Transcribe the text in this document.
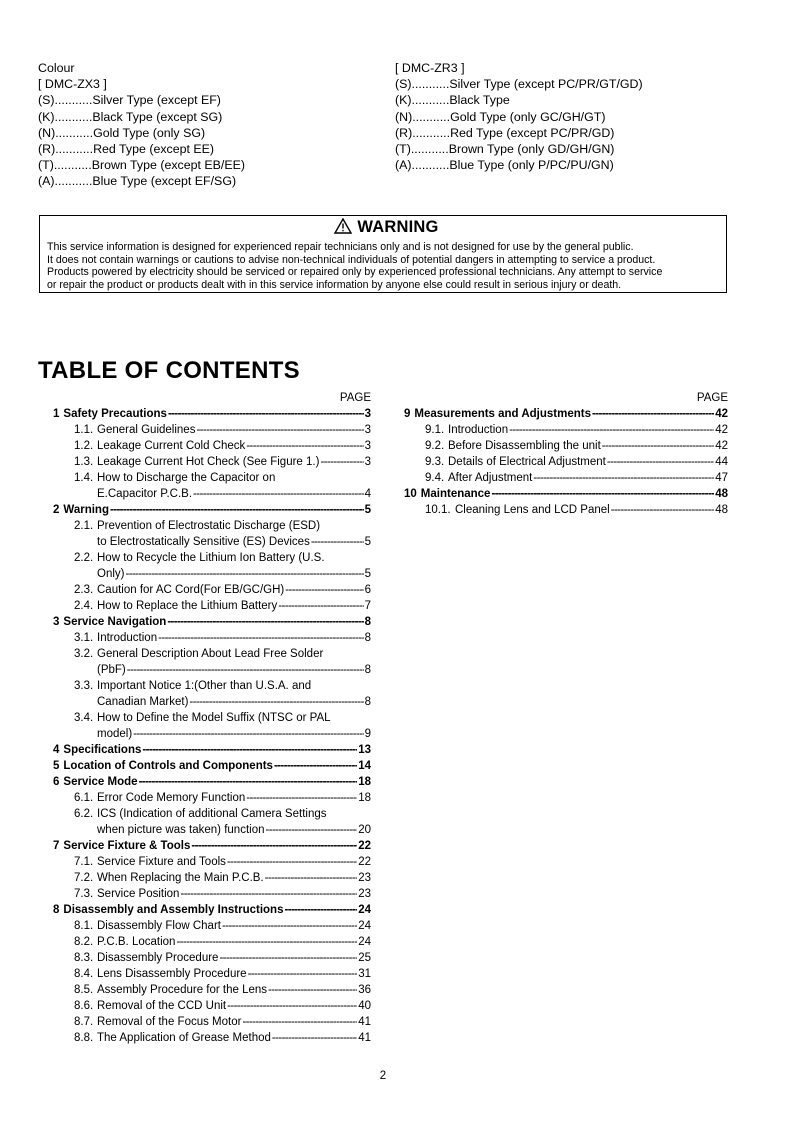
Colour
[ DMC-ZX3 ]
(S)...........Silver Type (except EF)
(K)...........Black Type (except SG)
(N)...........Gold Type (only SG)
(R)...........Red Type (except EE)
(T)...........Brown Type (except EB/EE)
(A)...........Blue Type (except EF/SG)
[ DMC-ZR3 ]
(S)...........Silver Type (except PC/PR/GT/GD)
(K)...........Black Type
(N)...........Gold Type (only GC/GH/GT)
(R)...........Red Type (except PC/PR/GD)
(T)...........Brown Type (only GD/GH/GN)
(A)...........Blue Type (only P/PC/PU/GN)
WARNING

This service information is designed for experienced repair technicians only and is not designed for use by the general public.

It does not contain warnings or cautions to advise non-technical individuals of potential dangers in attempting to service a product.

Products powered by electricity should be serviced or repaired only by experienced professional technicians. Any attempt to service

or repair the product or products dealt with in this service information by anyone else could result in serious injury or death.

TABLE OF CONTENTS
PAGE
1 Safety Precautions -----	3
1.1. General Guidelines -----	3
1.2. Leakage Current Cold Check -----	3
1.3. Leakage Current Hot Check (See Figure 1.) -----	3
1.4. How to Discharge the Capacitor on
E.Capacitor P.C.B. -----	4
2 Warning -----	5
2.1. Prevention of Electrostatic Discharge (ESD)
to Electrostatically Sensitive (ES) Devices -----	5
2.2. How to Recycle the Lithium Ion Battery (U.S.
Only) -----	5
2.3. Caution for AC Cord(For EB/GC/GH) -----	6
2.4. How to Replace the Lithium Battery -----	7
3 Service Navigation -----	8
3.1. Introduction -----	8
3.2. General Description About Lead Free Solder
(PbF) -----	8
3.3. Important Notice 1:(Other than U.S.A. and
Canadian Market) -----	8
3.4. How to Define the Model Suffix (NTSC or PAL
model) -----	9
4 Specifications -----	13
5 Location of Controls and Components -----	14
6 Service Mode -----	18
6.1. Error Code Memory Function -----	18
6.2. ICS (Indication of additional Camera Settings
when picture was taken) function -----	20
7 Service Fixture & Tools -----	22
7.1. Service Fixture and Tools -----	22
7.2. When Replacing the Main P.C.B. -----	23
7.3. Service Position -----	23
8 Disassembly and Assembly Instructions -----	24
8.1. Disassembly Flow Chart -----	24
8.2. P.C.B. Location -----	24
8.3. Disassembly Procedure -----	25
8.4. Lens Disassembly Procedure -----	31
8.5. Assembly Procedure for the Lens -----	36
8.6. Removal of the CCD Unit -----	40
8.7. Removal of the Focus Motor -----	41
8.8. The Application of Grease Method -----	41
PAGE
9 Measurements and Adjustments -----	42
9.1. Introduction -----	42
9.2. Before Disassembling the unit -----	42
9.3. Details of Electrical Adjustment -----	44
9.4. After Adjustment -----	47
10 Maintenance -----	48
10.1. Cleaning Lens and LCD Panel -----	48
2
